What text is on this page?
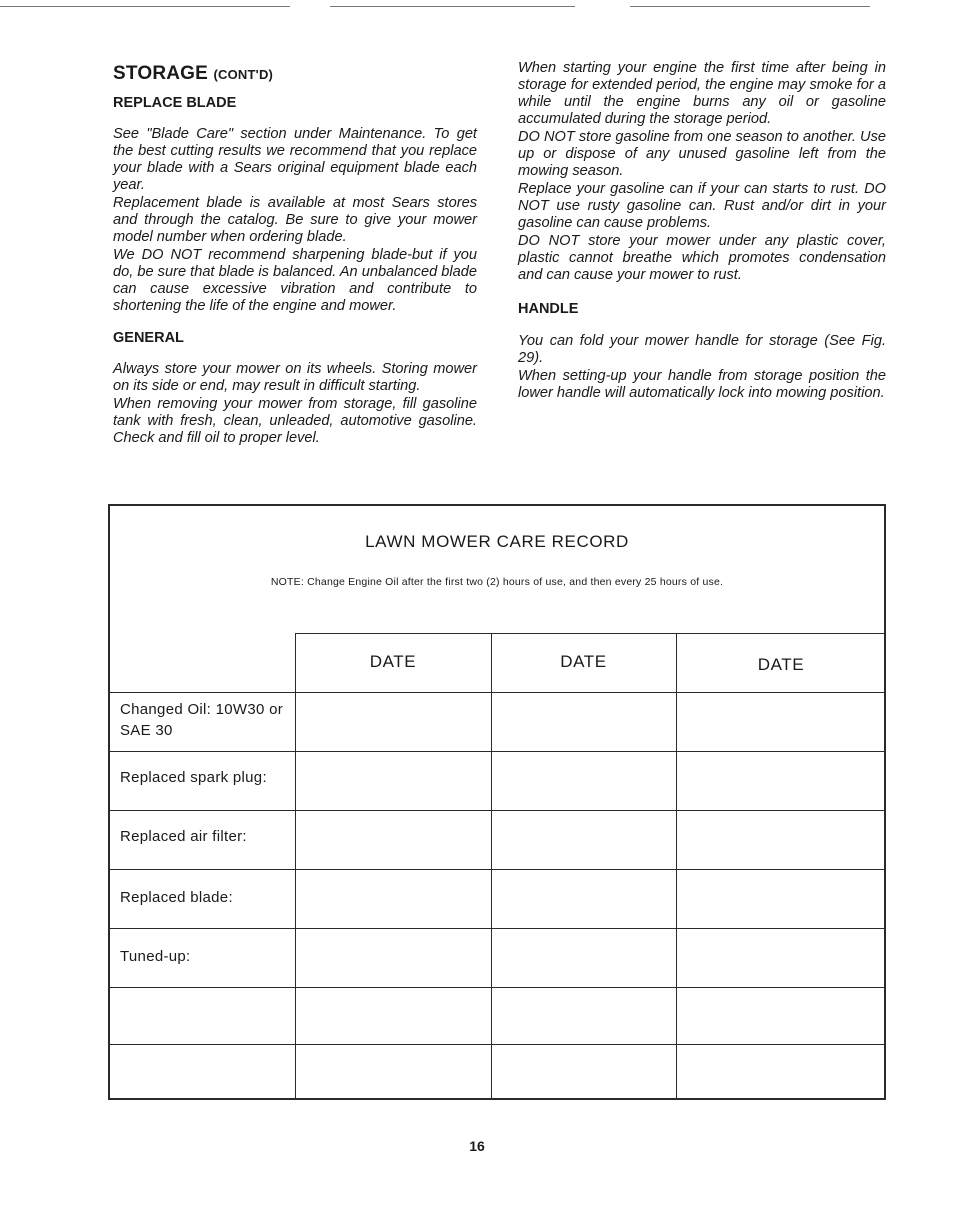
STORAGE (CONT'D)
REPLACE BLADE

See "Blade Care" section under Maintenance. To get the best cutting results we recommend that you replace your blade with a Sears original equipment blade each year.

Replacement blade is available at most Sears stores and through the catalog. Be sure to give your mower model number when ordering blade.

We DO NOT recommend sharpening blade-but if you do, be sure that blade is balanced. An unbalanced blade can cause excessive vibration and contribute to shortening the life of the engine and mower.

GENERAL

Always store your mower on its wheels. Storing mower on its side or end, may result in difficult starting.

When removing your mower from storage, fill gasoline tank with fresh, clean, unleaded, automotive gasoline. Check and fill oil to proper level.

When starting your engine the first time after being in storage for extended period, the engine may smoke for a while until the engine burns any oil or gasoline accumulated during the storage period.

DO NOT store gasoline from one season to another. Use up or dispose of any unused gasoline left from the mowing season.

Replace your gasoline can if your can starts to rust. DO NOT use rusty gasoline can. Rust and/or dirt in your gasoline can cause problems.

DO NOT store your mower under any plastic cover, plastic cannot breathe which promotes condensation and can cause your mower to rust.

HANDLE

You can fold your mower handle for storage (See Fig. 29).

When setting-up your handle from storage position the lower handle will automatically lock into mowing position.

LAWN MOWER CARE RECORD
NOTE: Change Engine Oil after the first two (2) hours of use, and then every 25 hours of use.
DATE	DATE	DATE
Changed Oil: 10W30 or SAE 30
Replaced spark plug:
Replaced air filter:
Replaced blade:
Tuned-up:
16
